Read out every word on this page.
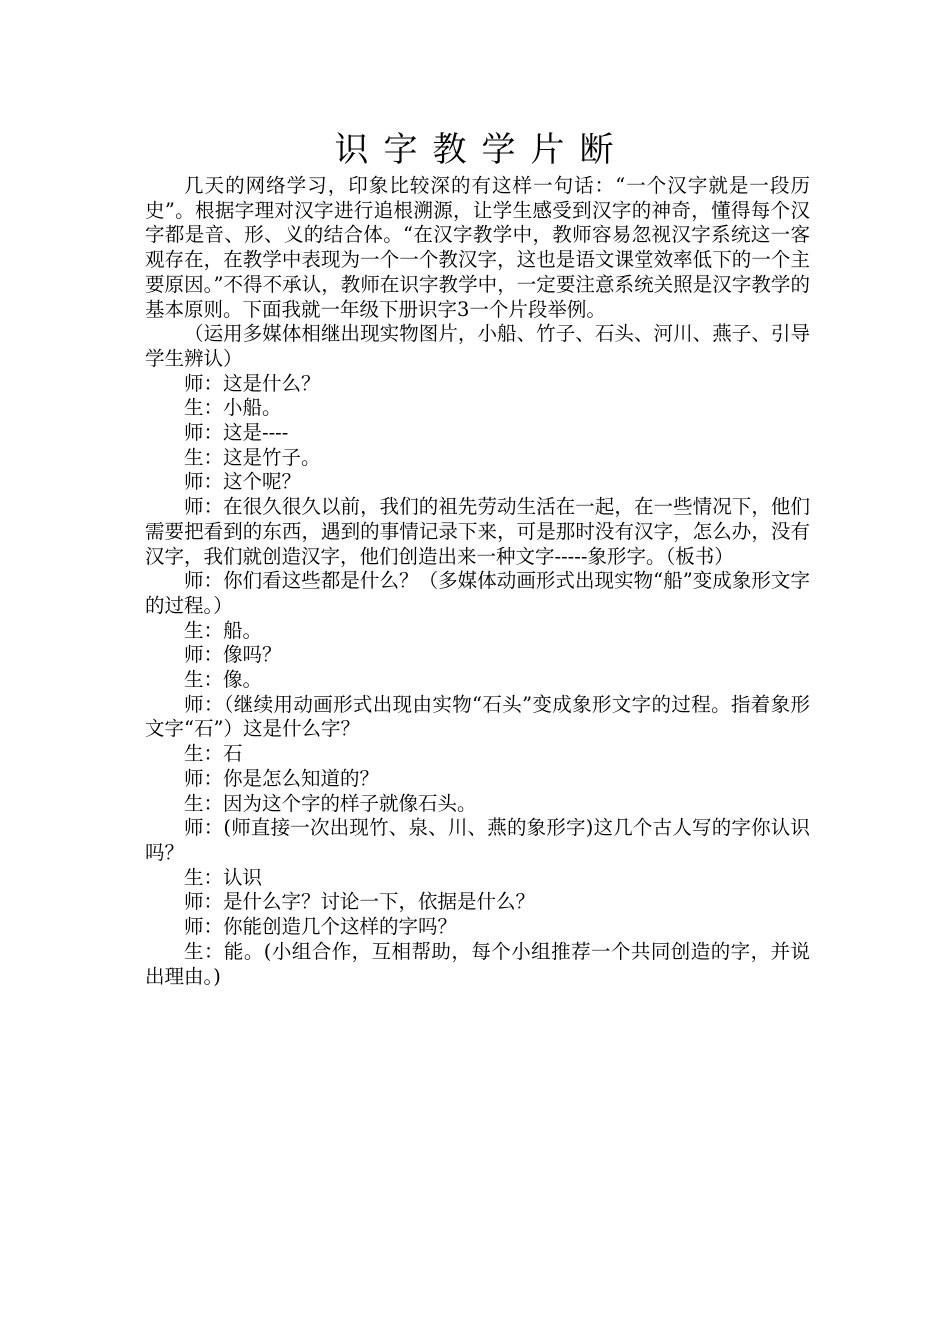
识字教学片断

几天的网络学习，印象比较深的有这样一句话：“一个汉字就是一段历史”。根据字理对汉字进行追根溯源，让学生感受到汉字的神奇，懂得每个汉字都是音、形、义的结合体。“在汉字教学中，教师容易忽视汉字系统这一客观存在，在教学中表现为一个一个教汉字，这也是语文课堂效率低下的一个主要原因。”不得不承认，教师在识字教学中，一定要注意系统关照是汉字教学的基本原则。下面我就一年级下册识字3一个片段举例。

（运用多媒体相继出现实物图片，小船、竹子、石头、河川、燕子、引导学生辨认）

师：这是什么？

生：小船。

师：这是----

生：这是竹子。

师：这个呢？

师：在很久很久以前，我们的祖先劳动生活在一起，在一些情况下，他们需要把看到的东西，遇到的事情记录下来，可是那时没有汉字，怎么办，没有汉字，我们就创造汉字，他们创造出来一种文字-----象形字。（板书）

师：你们看这些都是什么？（多媒体动画形式出现实物“船”变成象形文字的过程。）

生：船。

师：像吗？

生：像。

师：（继续用动画形式出现由实物“石头”变成象形文字的过程。指着象形文字“石”）这是什么字？

生：石

师：你是怎么知道的？

生：因为这个字的样子就像石头。

师：(师直接一次出现竹、泉、川、燕的象形字)这几个古人写的字你认识吗？

生：认识

师：是什么字？讨论一下，依据是什么？

师：你能创造几个这样的字吗？

生：能。(小组合作，互相帮助，每个小组推荐一个共同创造的字，并说出理由。)
